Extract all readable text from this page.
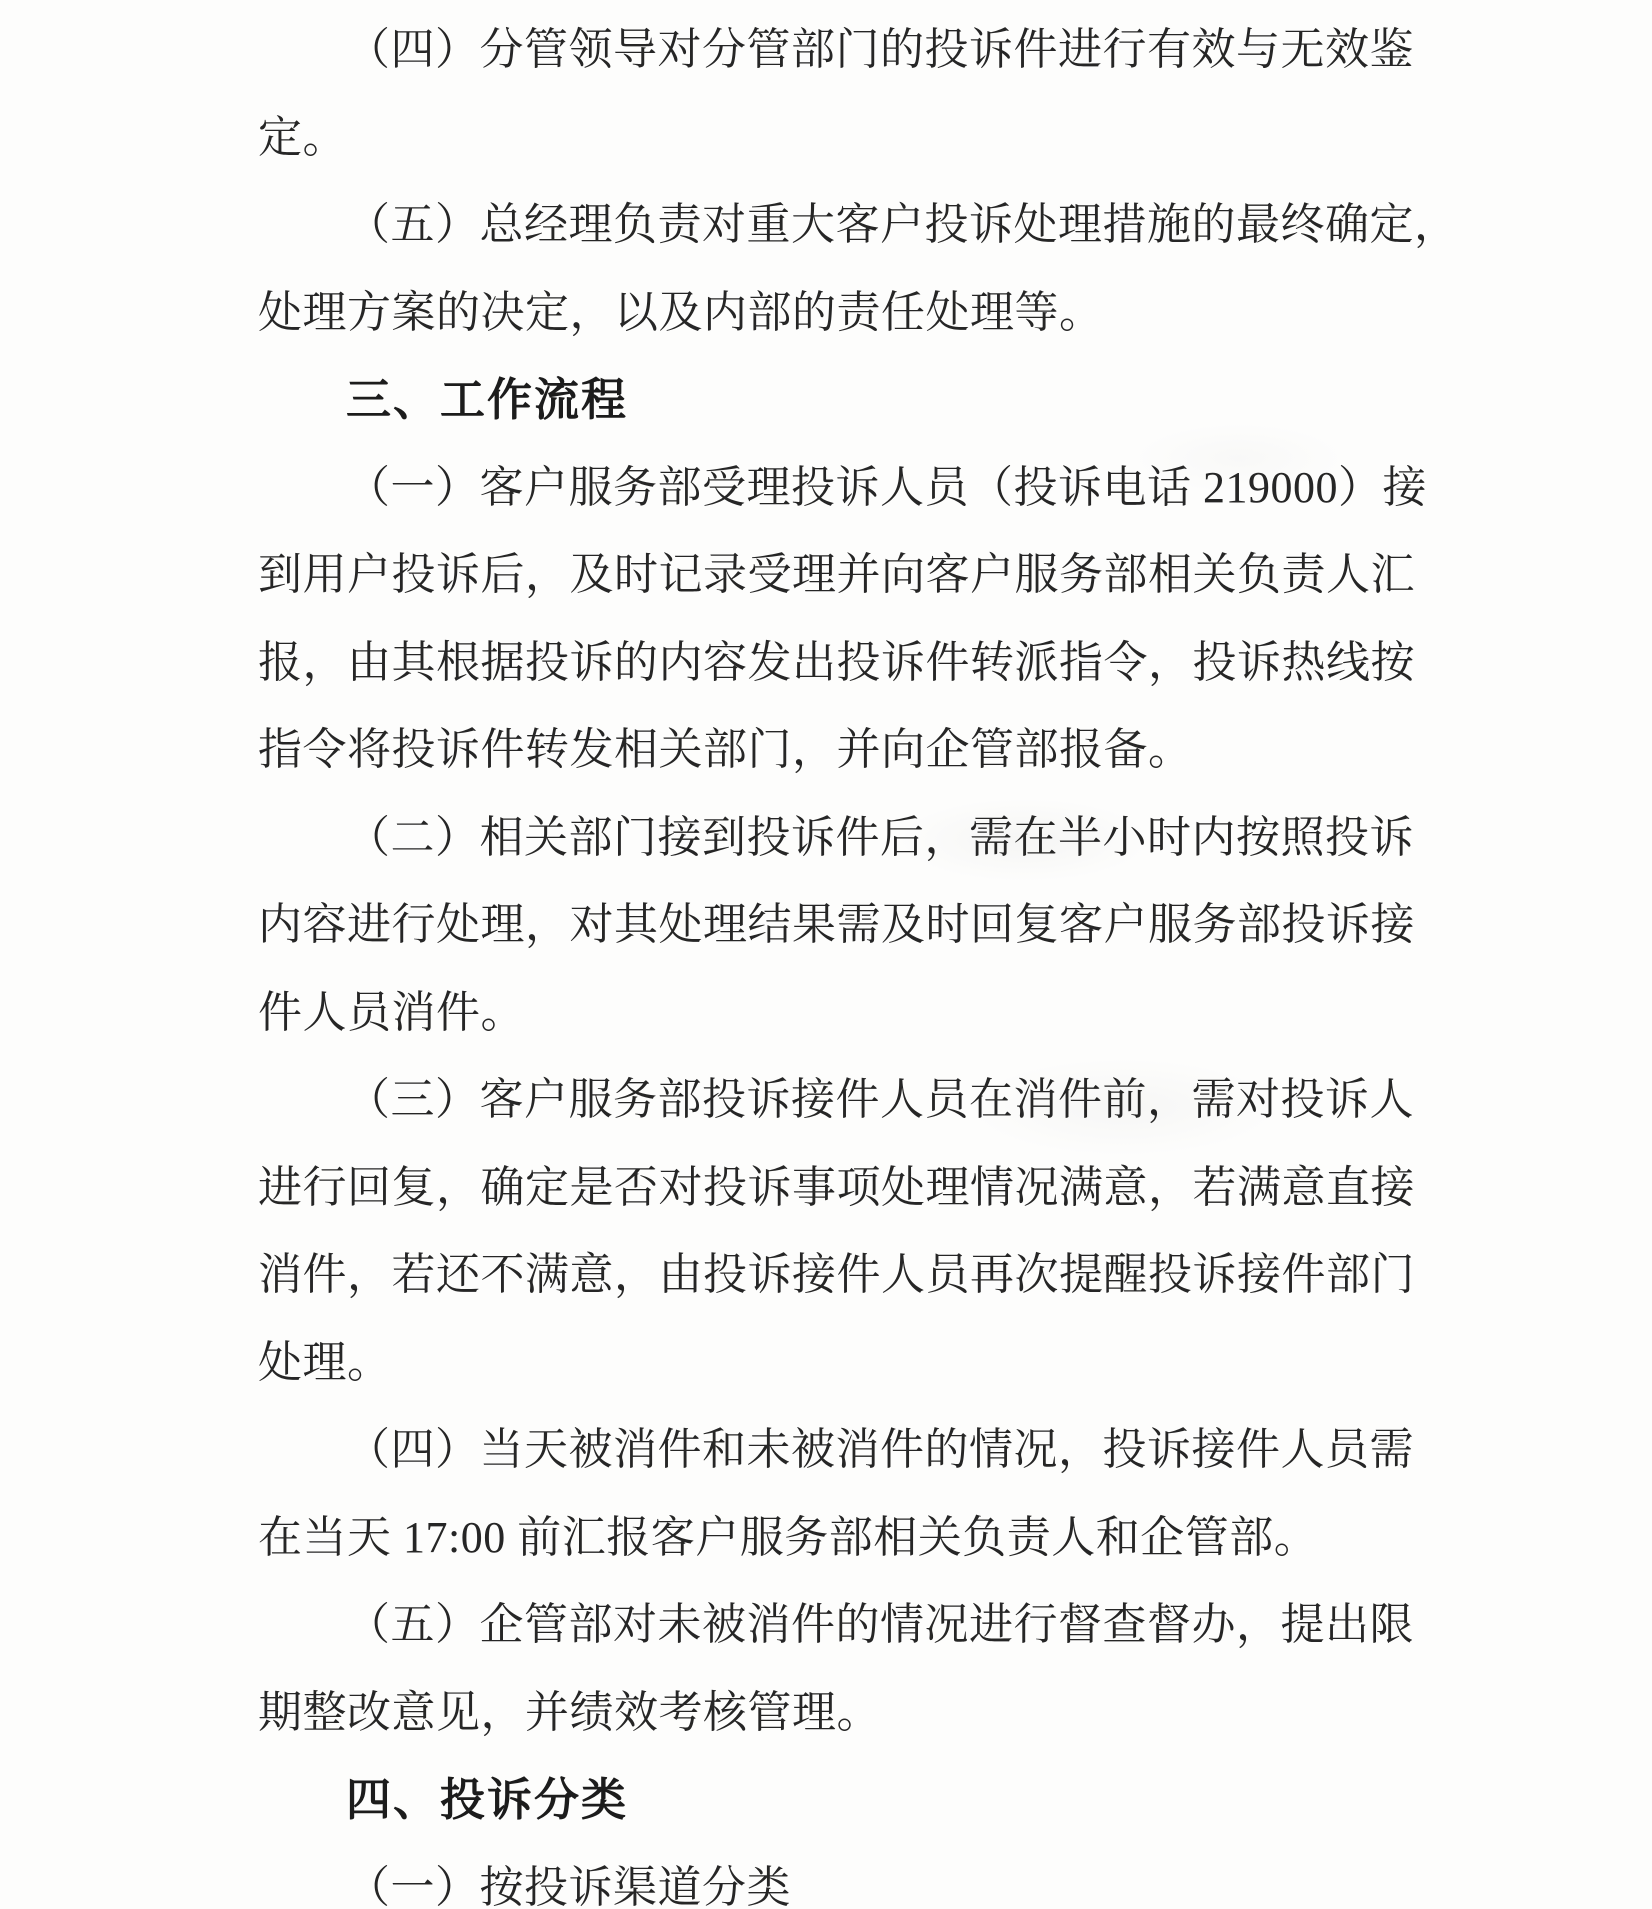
（四）分管领导对分管部门的投诉件进行有效与无效鉴
定。
（五）总经理负责对重大客户投诉处理措施的最终确定，
处理方案的决定，以及内部的责任处理等。
三、工作流程
（一）客户服务部受理投诉人员（投诉电话 219000）接
到用户投诉后，及时记录受理并向客户服务部相关负责人汇
报，由其根据投诉的内容发出投诉件转派指令，投诉热线按
指令将投诉件转发相关部门，并向企管部报备。
（二）相关部门接到投诉件后，需在半小时内按照投诉
内容进行处理，对其处理结果需及时回复客户服务部投诉接
件人员消件。
（三）客户服务部投诉接件人员在消件前，需对投诉人
进行回复，确定是否对投诉事项处理情况满意，若满意直接
消件，若还不满意，由投诉接件人员再次提醒投诉接件部门
处理。
（四）当天被消件和未被消件的情况，投诉接件人员需
在当天 17:00 前汇报客户服务部相关负责人和企管部。
（五）企管部对未被消件的情况进行督查督办，提出限
期整改意见，并绩效考核管理。
四、投诉分类
（一）按投诉渠道分类
